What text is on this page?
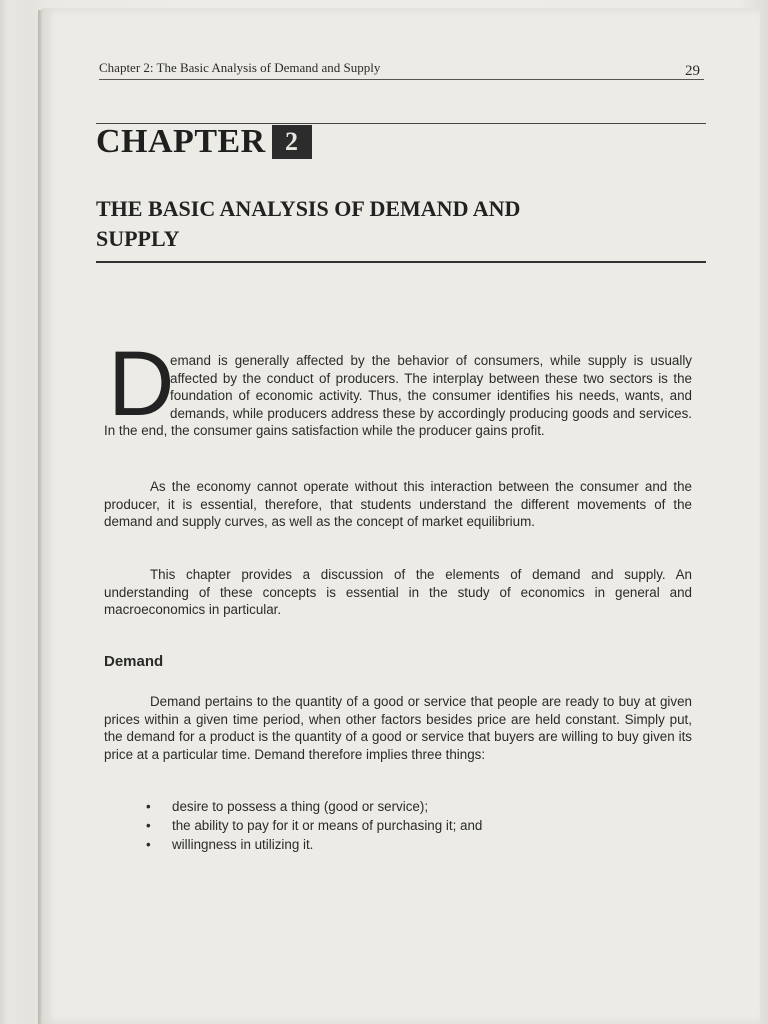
Chapter 2: The Basic Analysis of Demand and Supply	29
CHAPTER 2
THE BASIC ANALYSIS OF DEMAND AND
SUPPLY
D
emand is generally affected by the behavior of consumers, while supply is usually affected by the conduct of producers. The interplay between these two sectors is the foundation of economic activity. Thus, the consumer identifies his needs, wants, and demands, while producers address these by accordingly producing goods and services. In the end, the consumer gains satisfaction while the producer gains profit.
As the economy cannot operate without this interaction between the consumer and the producer, it is essential, therefore, that students understand the different movements of the demand and supply curves, as well as the concept of market equilibrium.
This chapter provides a discussion of the elements of demand and supply. An understanding of these concepts is essential in the study of economics in general and macroeconomics in particular.
Demand
Demand pertains to the quantity of a good or service that people are ready to buy at given prices within a given time period, when other factors besides price are held constant. Simply put, the demand for a product is the quantity of a good or service that buyers are willing to buy given its price at a particular time. Demand therefore implies three things:
• desire to possess a thing (good or service);
• the ability to pay for it or means of purchasing it; and
• willingness in utilizing it.
